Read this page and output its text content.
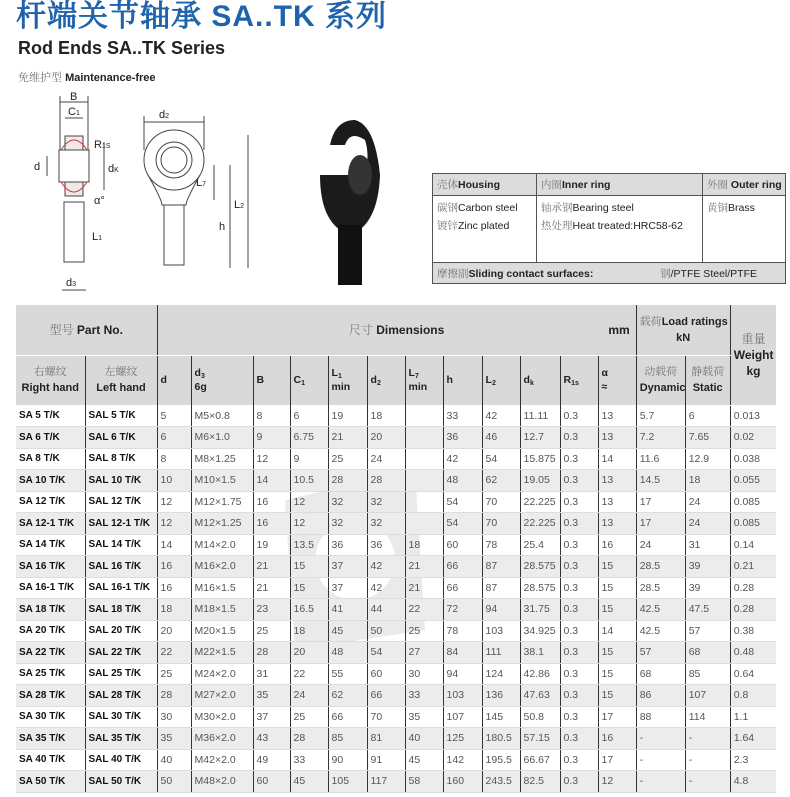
杆端关节轴承 SA..TK 系列
Rod Ends SA..TK Series
免维护型 Maintenance-free
B
C1
d
R1S
dK
α°
L1
d3
d2
L7
h
L2
壳体Housing	内圈Inner ring	外圈 Outer ring
碳钢Carbon steel
镀锌Zinc plated
轴承钢Bearing steel
热处理Heat treated:HRC58-62
黄铜Brass
摩擦副Sliding contact surfaces:	钢/PTFE Steel/PTFE
型号 Part No.		尺寸 Dimensions mm												载荷Load ratings
kN		重量
Weight
kg
右螺纹
Right hand	左螺纹
Left hand	d	$d_3$
6g	B	$C_1$	$L_1$
min	$d_2$	$L_7$
min	h	$L_2$	$d_k$	$R_{1s}$	α
≈	动载荷
Dynamic	静载荷
Static	
SA 5 T/K	SAL 5 T/K	5	M5×0.8	8	6	19	18		33	42	11.11	0.3	13	5.7	6	0.013
SA 6 T/K	SAL 6 T/K	6	M6×1.0	9	6.75	21	20		36	46	12.7	0.3	13	7.2	7.65	0.02
SA 8 T/K	SAL 8 T/K	8	M8×1.25	12	9	25	24		42	54	15.875	0.3	14	11.6	12.9	0.038
SA 10 T/K	SAL 10 T/K	10	M10×1.5	14	10.5	28	28		48	62	19.05	0.3	13	14.5	18	0.055
SA 12 T/K	SAL 12 T/K	12	M12×1.75	16	12	32	32		54	70	22.225	0.3	13	17	24	0.085
SA 12-1 T/K	SAL 12-1 T/K	12	M12×1.25	16	12	32	32		54	70	22.225	0.3	13	17	24	0.085
SA 14 T/K	SAL 14 T/K	14	M14×2.0	19	13.5	36	36	18	60	78	25.4	0.3	16	24	31	0.14
SA 16 T/K	SAL 16 T/K	16	M16×2.0	21	15	37	42	21	66	87	28.575	0.3	15	28.5	39	0.21
SA 16-1 T/K	SAL 16-1 T/K	16	M16×1.5	21	15	37	42	21	66	87	28.575	0.3	15	28.5	39	0.28
SA 18 T/K	SAL 18 T/K	18	M18×1.5	23	16.5	41	44	22	72	94	31.75	0.3	15	42.5	47.5	0.28
SA 20 T/K	SAL 20 T/K	20	M20×1.5	25	18	45	50	25	78	103	34.925	0.3	14	42.5	57	0.38
SA 22 T/K	SAL 22 T/K	22	M22×1.5	28	20	48	54	27	84	111	38.1	0.3	15	57	68	0.48
SA 25 T/K	SAL 25 T/K	25	M24×2.0	31	22	55	60	30	94	124	42.86	0.3	15	68	85	0.64
SA 28 T/K	SAL 28 T/K	28	M27×2.0	35	24	62	66	33	103	136	47.63	0.3	15	86	107	0.8
SA 30 T/K	SAL 30 T/K	30	M30×2.0	37	25	66	70	35	107	145	50.8	0.3	17	88	114	1.1
SA 35 T/K	SAL 35 T/K	35	M36×2.0	43	28	85	81	40	125	180.5	57.15	0.3	16	-	-	1.64
SA 40 T/K	SAL 40 T/K	40	M42×2.0	49	33	90	91	45	142	195.5	66.67	0.3	17	-	-	2.3
SA 50 T/K	SAL 50 T/K	50	M48×2.0	60	45	105	117	58	160	243.5	82.5	0.3	12	-	-	4.8
